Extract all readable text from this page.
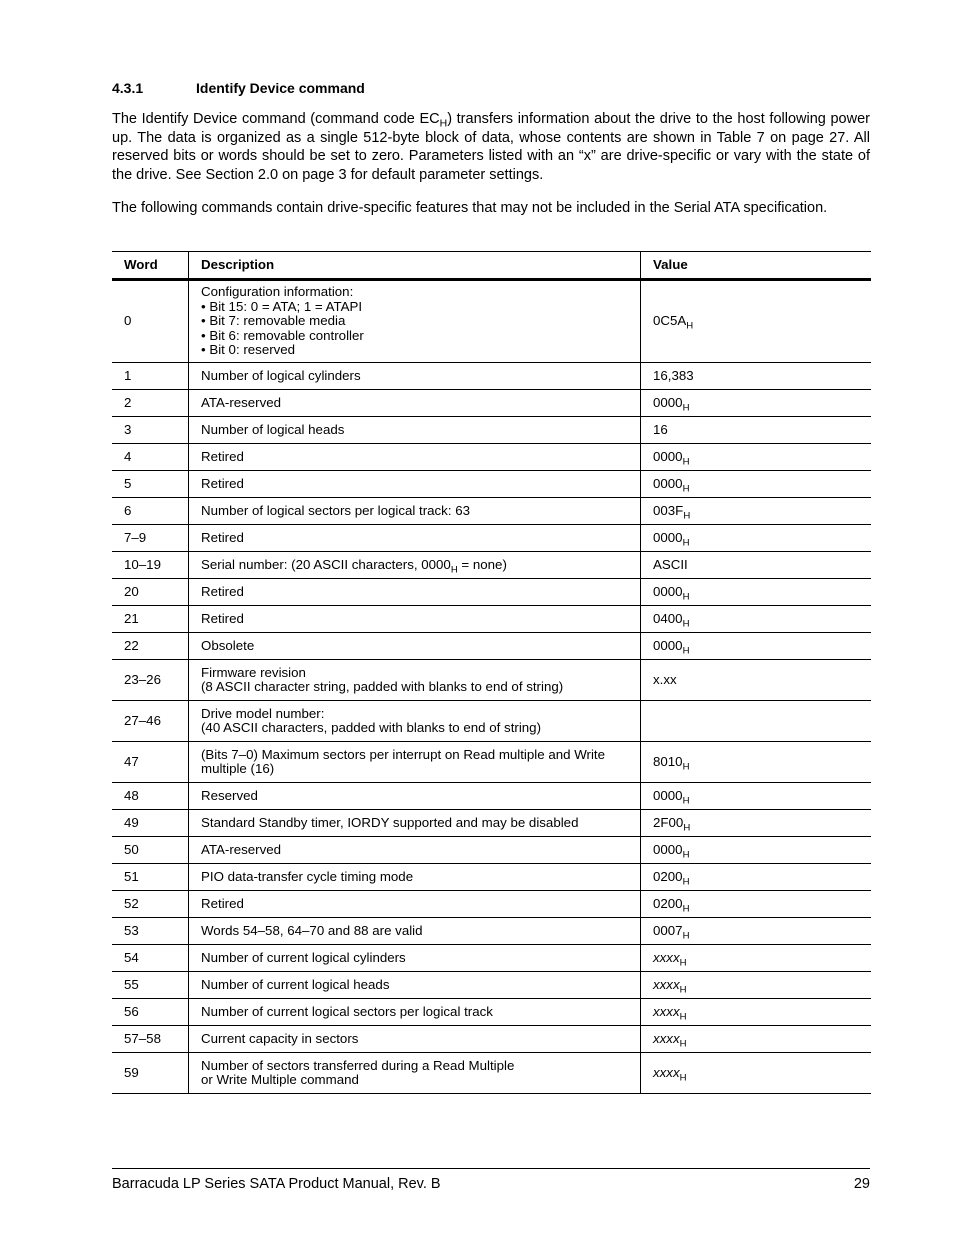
4.3.1	Identify Device command

The Identify Device command (command code $EC_H$) transfers information about the drive to the host following power up. The data is organized as a single 512-byte block of data, whose contents are shown in Table 7 on page 27. All reserved bits or words should be set to zero. Parameters listed with an “x” are drive-specific or vary with the state of the drive. See Section 2.0 on page 3 for default parameter settings.

The following commands contain drive-specific features that may not be included in the Serial ATA specification.

Word	Description	Value
0	Configuration information:
• Bit 15: 0 = ATA; 1 = ATAPI
• Bit 7: removable media
• Bit 6: removable controller
• Bit 0: reserved	$0C5A_H$
1	Number of logical cylinders	16,383
2	ATA-reserved	$0000_H$
3	Number of logical heads	16
4	Retired	$0000_H$
5	Retired	$0000_H$
6	Number of logical sectors per logical track: 63	$003F_H$
7–9	Retired	$0000_H$
10–19	Serial number: (20 ASCII characters, $0000_H$ = none)	ASCII
20	Retired	$0000_H$
21	Retired	$0400_H$
22	Obsolete	$0000_H$
23–26	Firmware revision
(8 ASCII character string, padded with blanks to end of string)	x.xx
27–46	Drive model number:
(40 ASCII characters, padded with blanks to end of string)	

47	(Bits 7–0) Maximum sectors per interrupt on Read multiple and Write
multiple (16)	$8010_H$
48	Reserved	$0000_H$
49	Standard Standby timer, IORDY supported and may be disabled	$2F00_H$
50	ATA-reserved	$0000_H$
51	PIO data-transfer cycle timing mode	$0200_H$
52	Retired	$0200_H$
53	Words 54–58, 64–70 and 88 are valid	$0007_H$
54	Number of current logical cylinders	xxxx$_H$
55	Number of current logical heads	xxxx$_H$
56	Number of current logical sectors per logical track	xxxx$_H$
57–58	Current capacity in sectors	xxxx$_H$
59	Number of sectors transferred during a Read Multiple
or Write Multiple command	xxxx$_H$
Barracuda LP Series SATA Product Manual, Rev. B	29
